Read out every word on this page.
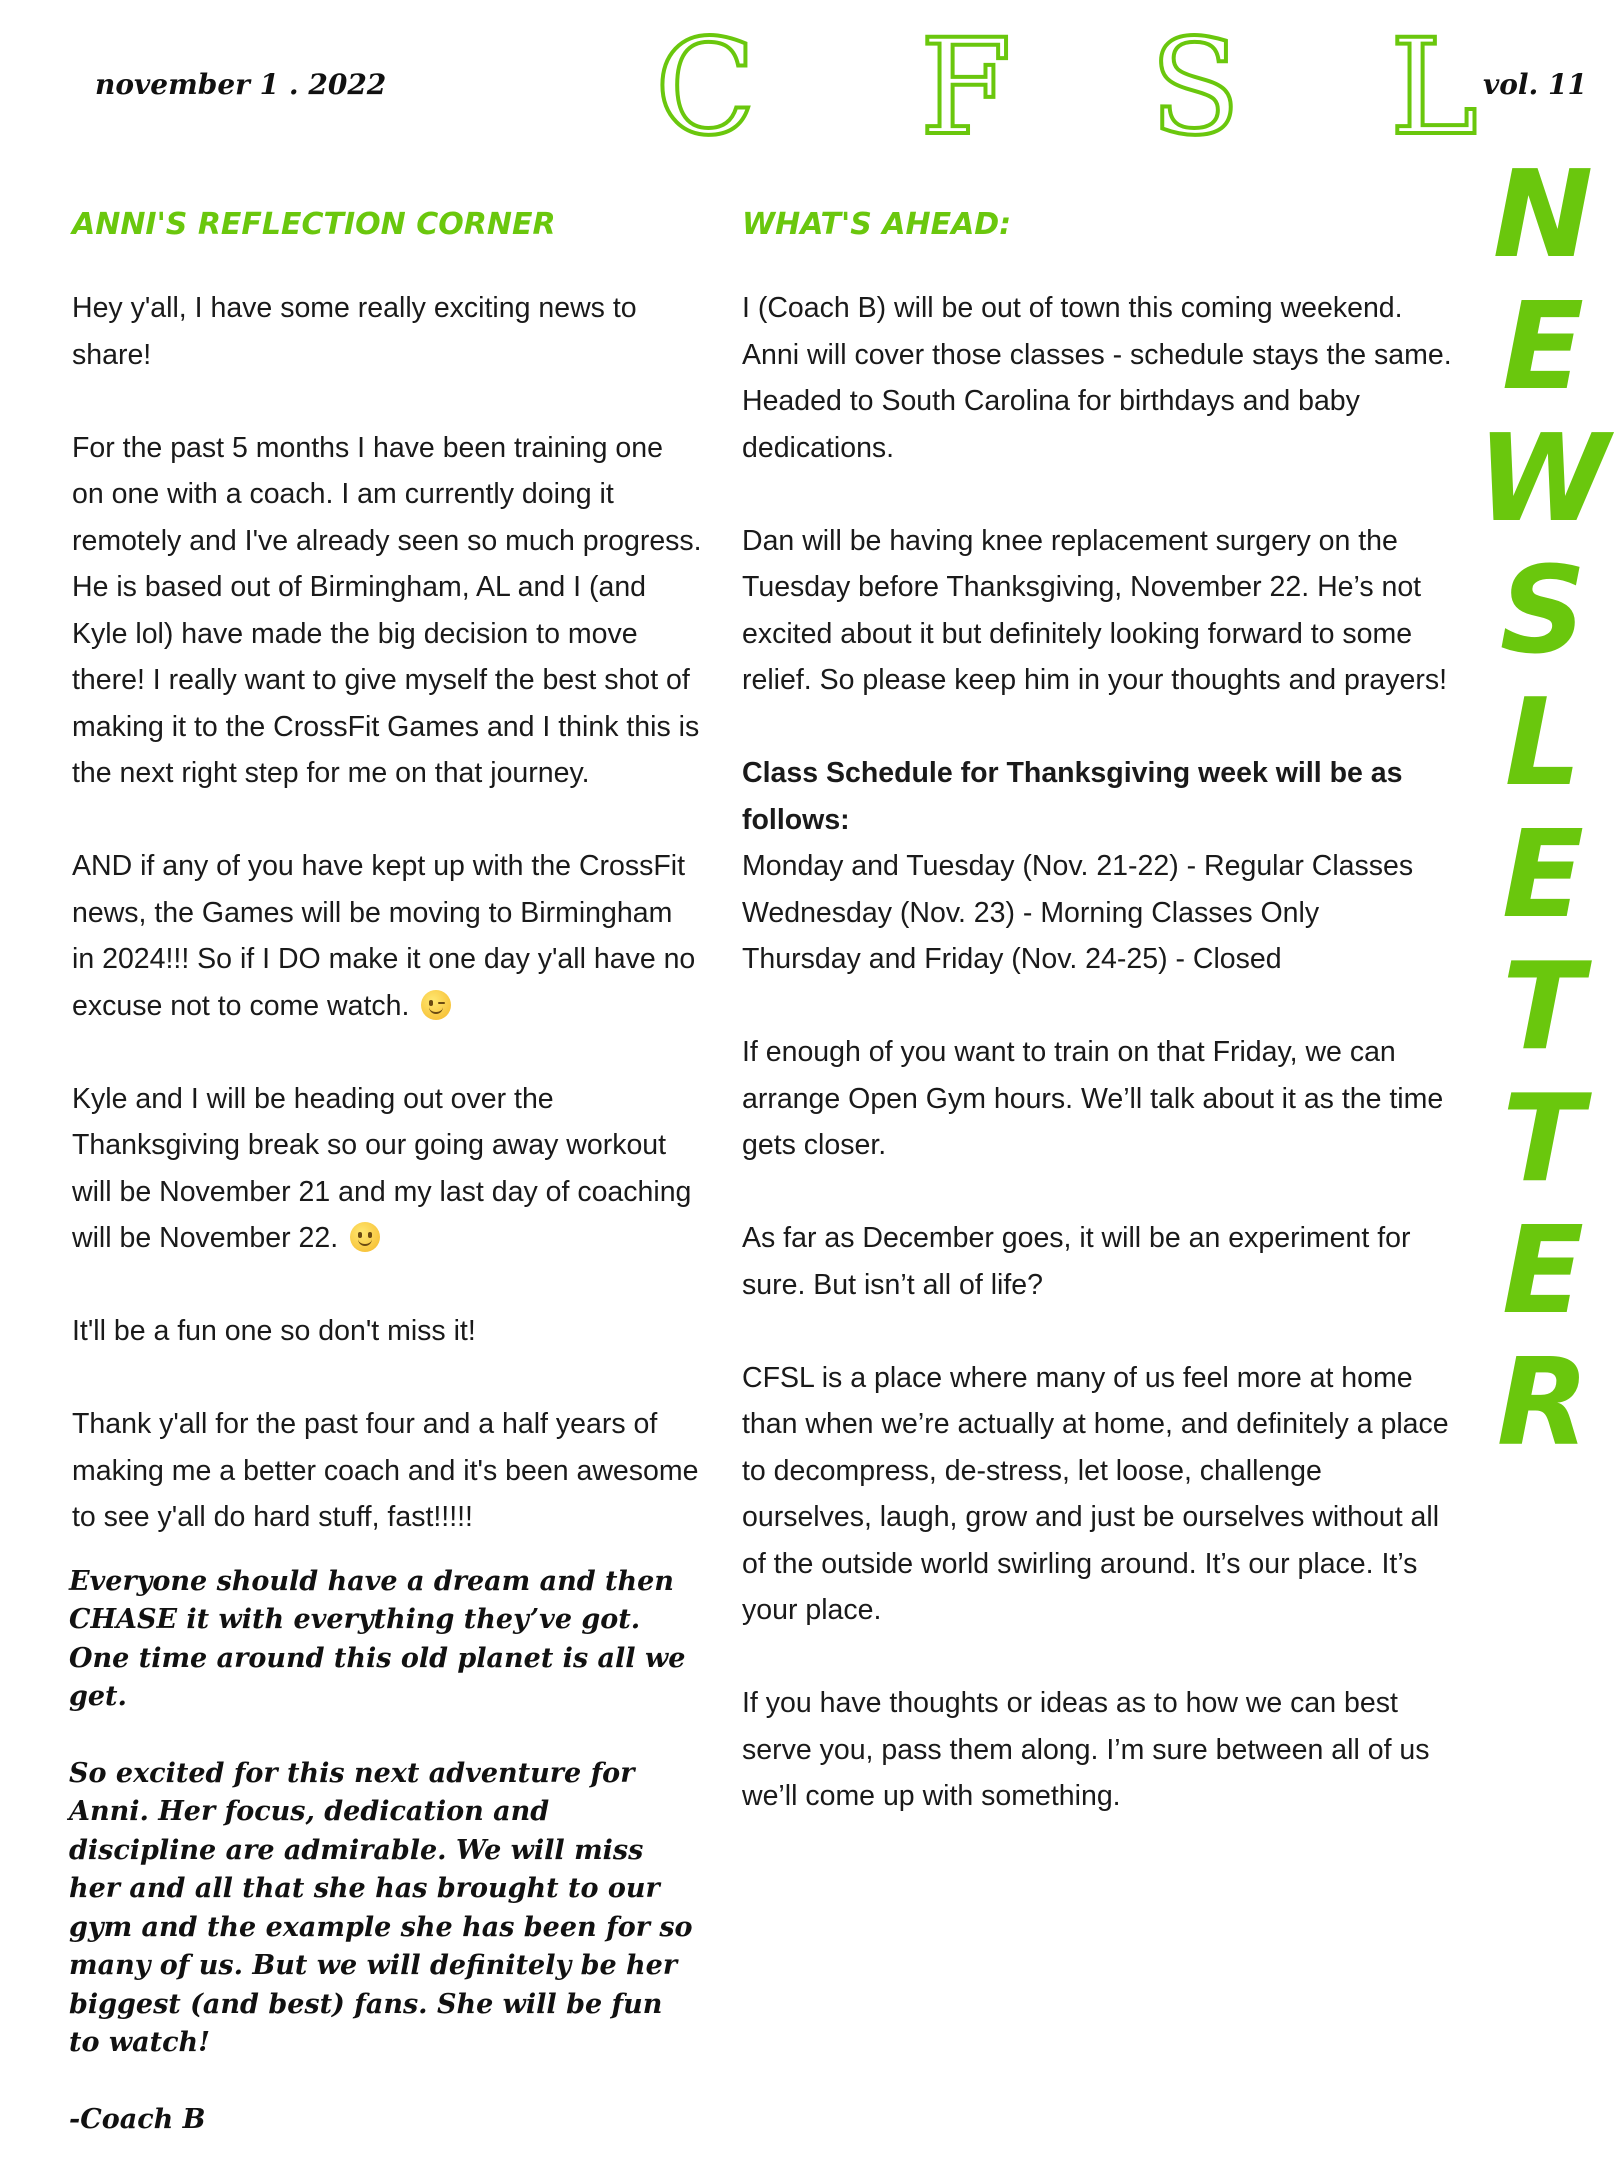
november 1 . 2022	vol. 11
C F S L
N
E
W
S
L
E
T
T
E
R
ANNI'S REFLECTION CORNER
Hey y'all, I have some really exciting news to share!
For the past 5 months I have been training one on one with a coach. I am currently doing it remotely and I've already seen so much progress. He is based out of Birmingham, AL and I (and Kyle lol) have made the big decision to move there! I really want to give myself the best shot of making it to the CrossFit Games and I think this is the next right step for me on that journey.
AND if any of you have kept up with the CrossFit news, the Games will be moving to Birmingham in 2024!!! So if I DO make it one day y'all have no excuse not to come watch.
Kyle and I will be heading out over the Thanksgiving break so our going away workout will be November 21 and my last day of coaching will be November 22.
It'll be a fun one so don't miss it!
Thank y'all for the past four and a half years of making me a better coach and it's been awesome to see y'all do hard stuff, fast!!!!!
Everyone should have a dream and then CHASE it with everything they’ve got. One time around this old planet is all we get.
So excited for this next adventure for Anni. Her focus, dedication and discipline are admirable. We will miss her and all that she has brought to our gym and the example she has been for so many of us. But we will definitely be her biggest (and best) fans. She will be fun to watch!
-Coach B
WHAT'S AHEAD:
I (Coach B) will be out of town this coming weekend. Anni will cover those classes - schedule stays the same. Headed to South Carolina for birthdays and baby dedications.
Dan will be having knee replacement surgery on the Tuesday before Thanksgiving, November 22. He’s not excited about it but definitely looking forward to some relief. So please keep him in your thoughts and prayers!
Class Schedule for Thanksgiving week will be as follows:
Monday and Tuesday (Nov. 21-22) - Regular Classes
Wednesday (Nov. 23) - Morning Classes Only
Thursday and Friday (Nov. 24-25) - Closed
If enough of you want to train on that Friday, we can arrange Open Gym hours. We’ll talk about it as the time gets closer.
As far as December goes, it will be an experiment for sure. But isn’t all of life?
CFSL is a place where many of us feel more at home than when we’re actually at home, and definitely a place to decompress, de-stress, let loose, challenge ourselves, laugh, grow and just be ourselves without all of the outside world swirling around. It’s our place. It’s your place.
If you have thoughts or ideas as to how we can best serve you, pass them along. I’m sure between all of us we’ll come up with something.
